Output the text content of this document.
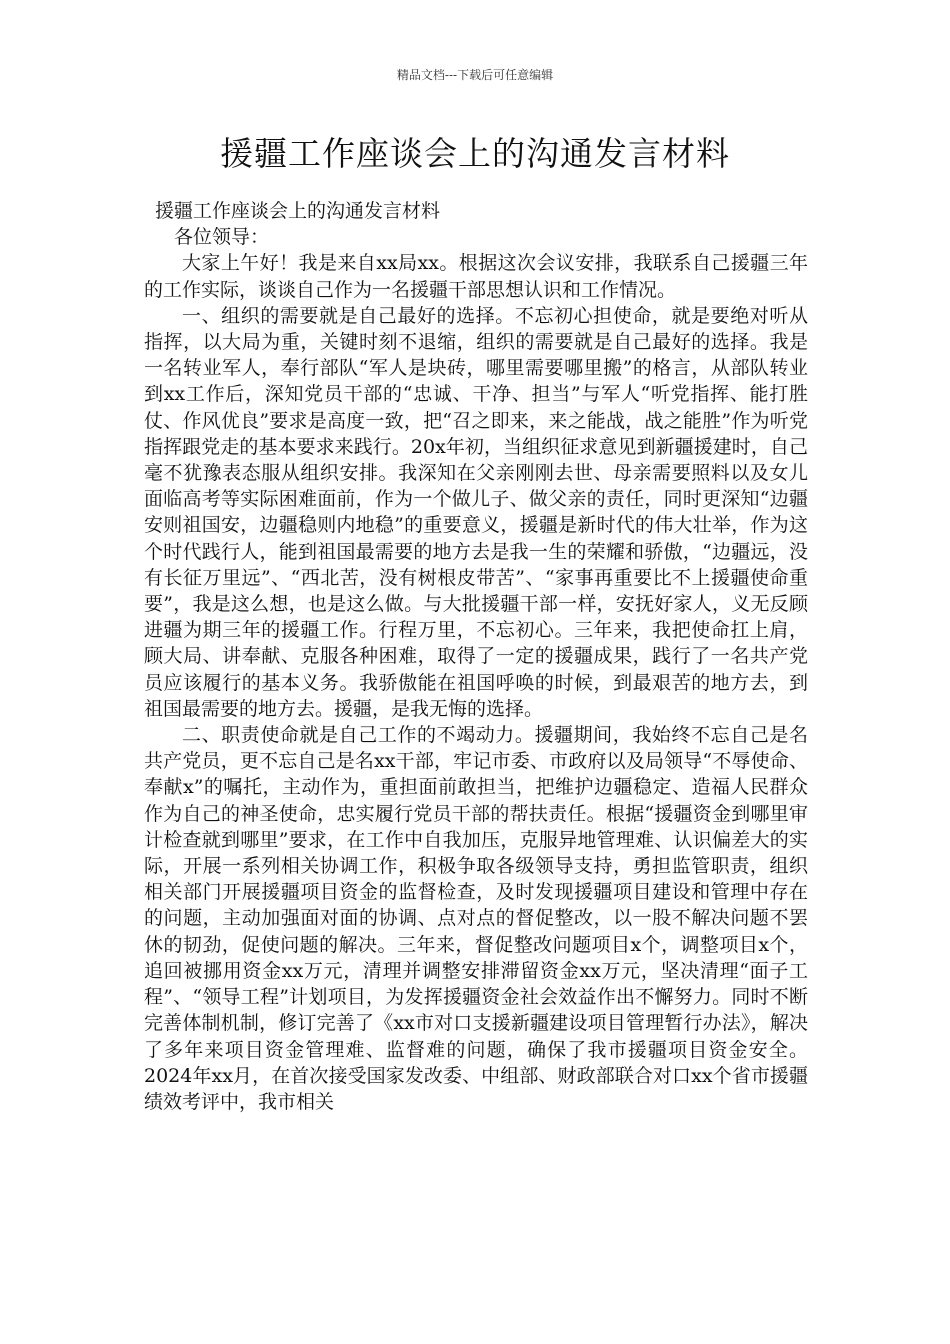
精品文档---下载后可任意编辑
援疆工作座谈会上的沟通发言材料

援疆工作座谈会上的沟通发言材料

各位领导：

大家上午好！我是来自xx局xx。根据这次会议安排，我联系自己援疆三年的工作实际，谈谈自己作为一名援疆干部思想认识和工作情况。

一、组织的需要就是自己最好的选择。不忘初心担使命，就是要绝对听从指挥，以大局为重，关键时刻不退缩，组织的需要就是自己最好的选择。我是一名转业军人，奉行部队“军人是块砖，哪里需要哪里搬”的格言，从部队转业到xx工作后，深知党员干部的“忠诚、干净、担当”与军人“听党指挥、能打胜仗、作风优良”要求是高度一致，把“召之即来，来之能战，战之能胜”作为听党指挥跟党走的基本要求来践行。20x年初，当组织征求意见到新疆援建时，自己毫不犹豫表态服从组织安排。我深知在父亲刚刚去世、母亲需要照料以及女儿面临高考等实际困难面前，作为一个做儿子、做父亲的责任，同时更深知“边疆安则祖国安，边疆稳则内地稳”的重要意义，援疆是新时代的伟大壮举，作为这个时代践行人，能到祖国最需要的地方去是我一生的荣耀和骄傲，“边疆远，没有长征万里远”、“西北苦，没有树根皮带苦”、“家事再重要比不上援疆使命重要”，我是这么想，也是这么做。与大批援疆干部一样，安抚好家人，义无反顾进疆为期三年的援疆工作。行程万里，不忘初心。三年来，我把使命扛上肩，顾大局、讲奉献、克服各种困难，取得了一定的援疆成果，践行了一名共产党员应该履行的基本义务。我骄傲能在祖国呼唤的时候，到最艰苦的地方去，到祖国最需要的地方去。援疆，是我无悔的选择。

二、职责使命就是自己工作的不竭动力。援疆期间，我始终不忘自己是名共产党员，更不忘自己是名xx干部，牢记市委、市政府以及局领导“不辱使命、奉献x”的嘱托，主动作为，重担面前敢担当，把维护边疆稳定、造福人民群众作为自己的神圣使命，忠实履行党员干部的帮扶责任。根据“援疆资金到哪里审计检查就到哪里”要求，在工作中自我加压，克服异地管理难、认识偏差大的实际，开展一系列相关协调工作，积极争取各级领导支持，勇担监管职责，组织相关部门开展援疆项目资金的监督检查，及时发现援疆项目建设和管理中存在的问题，主动加强面对面的协调、点对点的督促整改，以一股不解决问题不罢休的韧劲，促使问题的解决。三年来，督促整改问题项目x个，调整项目x个，追回被挪用资金xx万元，清理并调整安排滞留资金xx万元，坚决清理“面子工程”、“领导工程”计划项目，为发挥援疆资金社会效益作出不懈努力。同时不断完善体制机制，修订完善了《xx市对口支援新疆建设项目管理暂行办法》，解决了多年来项目资金管理难、监督难的问题，确保了我市援疆项目资金安全。2024年xx月，在首次接受国家发改委、中组部、财政部联合对口xx个省市援疆绩效考评中，我市相关
